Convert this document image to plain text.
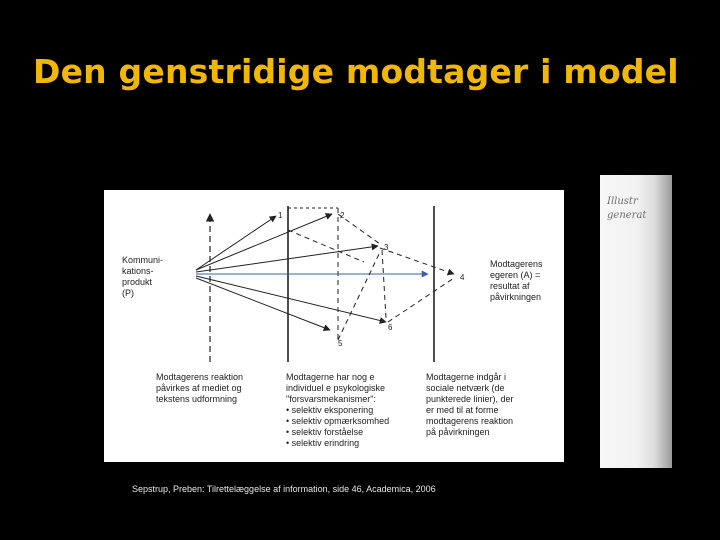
Den genstridige modtager i model
Illustr
generat
1	2
3
4
5
6
Kommuni-
kations-
produkt
(P)
Modtagerens
egeren (A) =
resultat af
påvirkningen
Modtagerens reaktion
påvirkes af mediet og
tekstens udformning
Modtagerne har nog e
individuel e psykologiske
"forsvarsmekanismer":
• selektiv eksponering
• selektiv opmærksomhed
• selektiv forståelse
• selektiv erindring
Modtagerne indgår i
sociale netværk (de
punkterede linier), der
er med til at forme
modtagerens reaktion
på påvirkningen
Sepstrup, Preben: Tilrettelæggelse af information, side 46, Academica, 2006
